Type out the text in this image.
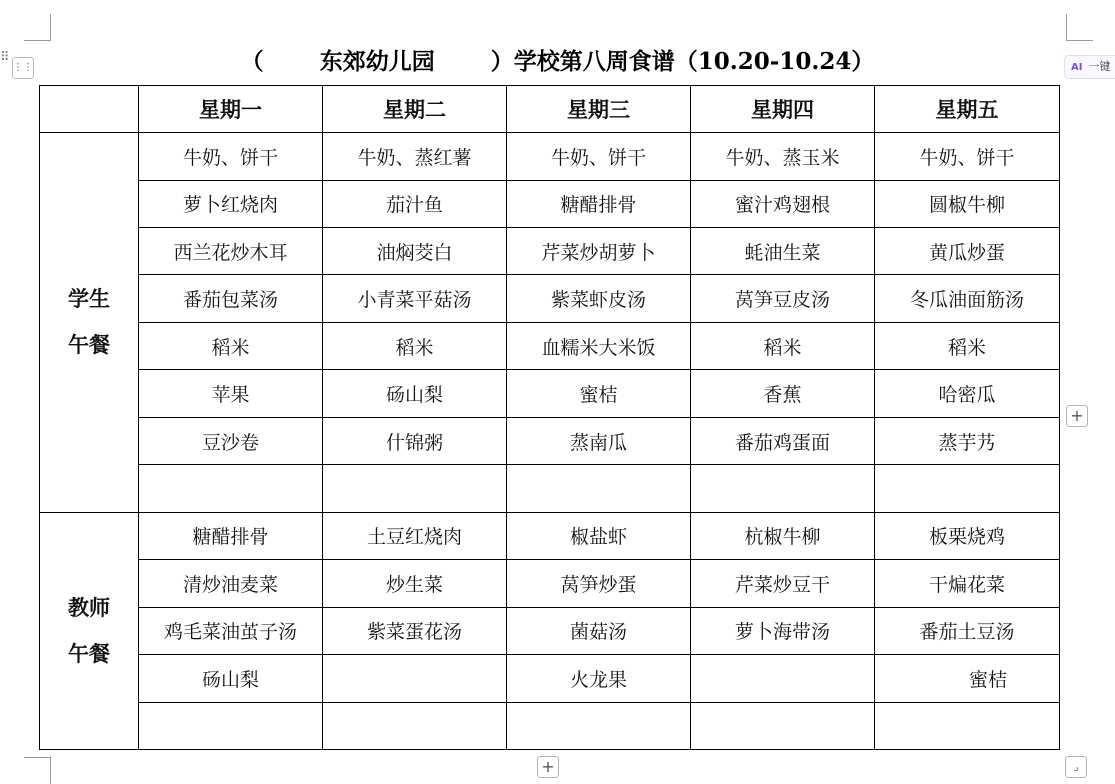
⠿
⋮⋮	（       东郊幼儿园       ）学校第八周食谱（10.20-10.24）	AI 一键
	星期一	星期二	星期三	星期四	星期五

学生
午餐	牛奶、饼干	牛奶、蒸红薯	牛奶、饼干	牛奶、蒸玉米	牛奶、饼干
	萝卜红烧肉	茄汁鱼	糖醋排骨	蜜汁鸡翅根	圆椒牛柳
	西兰花炒木耳	油焖茭白	芹菜炒胡萝卜	蚝油生菜	黄瓜炒蛋
	番茄包菜汤	小青菜平菇汤	紫菜虾皮汤	莴笋豆皮汤	冬瓜油面筋汤
	稻米	稻米	血糯米大米饭	稻米	稻米
	苹果	砀山梨	蜜桔	香蕉	哈密瓜
	豆沙卷	什锦粥	蒸南瓜	番茄鸡蛋面	蒸芋艿

教师
午餐	糖醋排骨	土豆红烧肉	椒盐虾	杭椒牛柳	板栗烧鸡
	清炒油麦菜	炒生菜	莴笋炒蛋	芹菜炒豆干	干煸花菜
	鸡毛菜油茧子汤	紫菜蛋花汤	菌菇汤	萝卜海带汤	番茄土豆汤
	砀山梨		火龙果		蜜桔

+
+	⌟
